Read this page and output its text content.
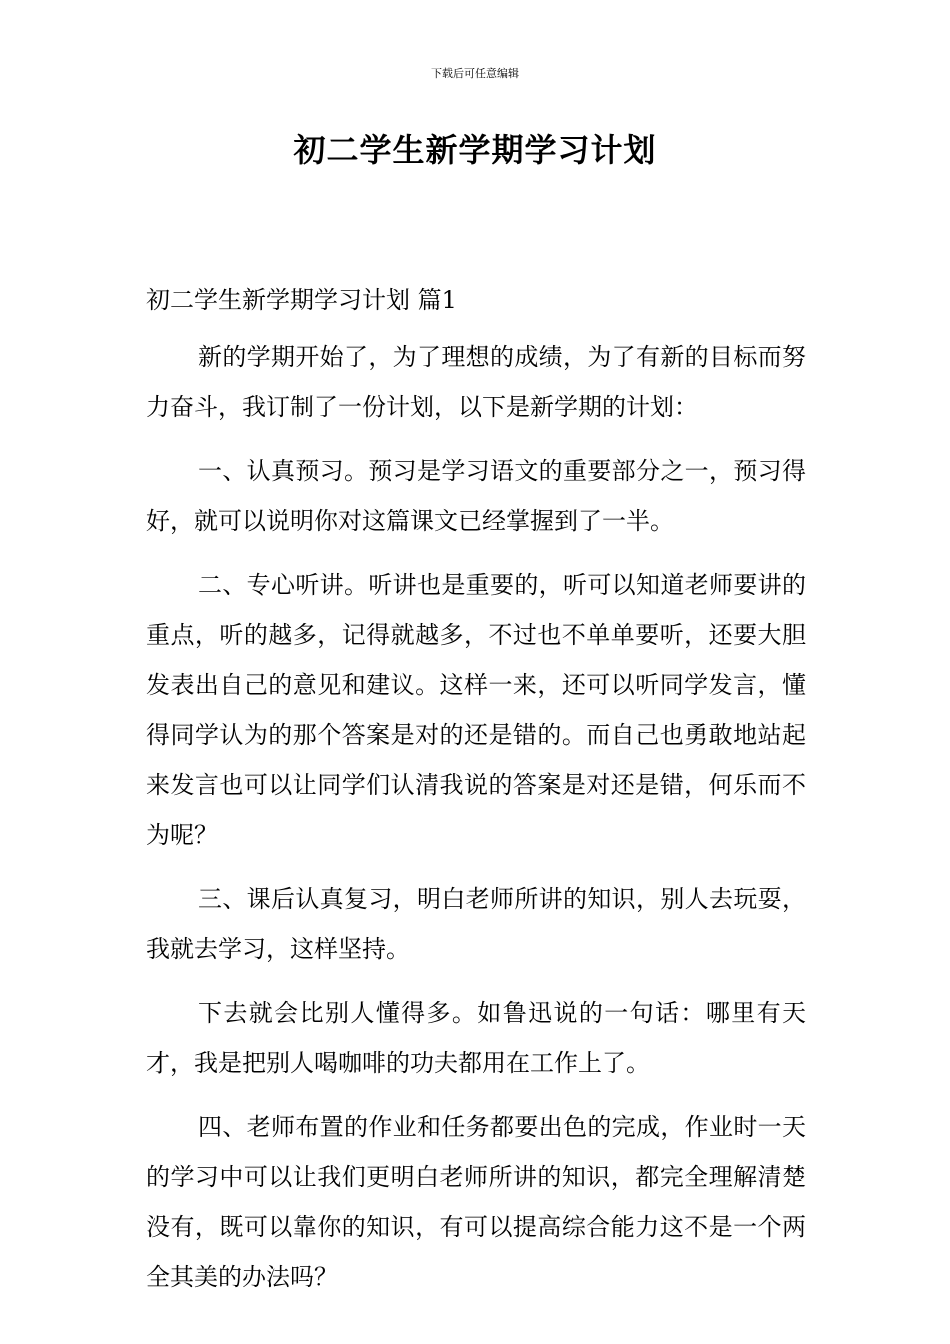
下载后可任意编辑
初二学生新学期学习计划
初二学生新学期学习计划 篇1

新的学期开始了，为了理想的成绩，为了有新的目标而努力奋斗，我订制了一份计划，以下是新学期的计划：

一、认真预习。预习是学习语文的重要部分之一，预习得好，就可以说明你对这篇课文已经掌握到了一半。

二、专心听讲。听讲也是重要的，听可以知道老师要讲的重点，听的越多，记得就越多，不过也不单单要听，还要大胆发表出自己的意见和建议。这样一来，还可以听同学发言，懂得同学认为的那个答案是对的还是错的。而自己也勇敢地站起来发言也可以让同学们认清我说的答案是对还是错，何乐而不为呢？

三、课后认真复习，明白老师所讲的知识，别人去玩耍，我就去学习，这样坚持。

下去就会比别人懂得多。如鲁迅说的一句话：哪里有天才，我是把别人喝咖啡的功夫都用在工作上了。

四、老师布置的作业和任务都要出色的完成，作业时一天的学习中可以让我们更明白老师所讲的知识，都完全理解清楚没有，既可以靠你的知识，有可以提高综合能力这不是一个两全其美的办法吗？
